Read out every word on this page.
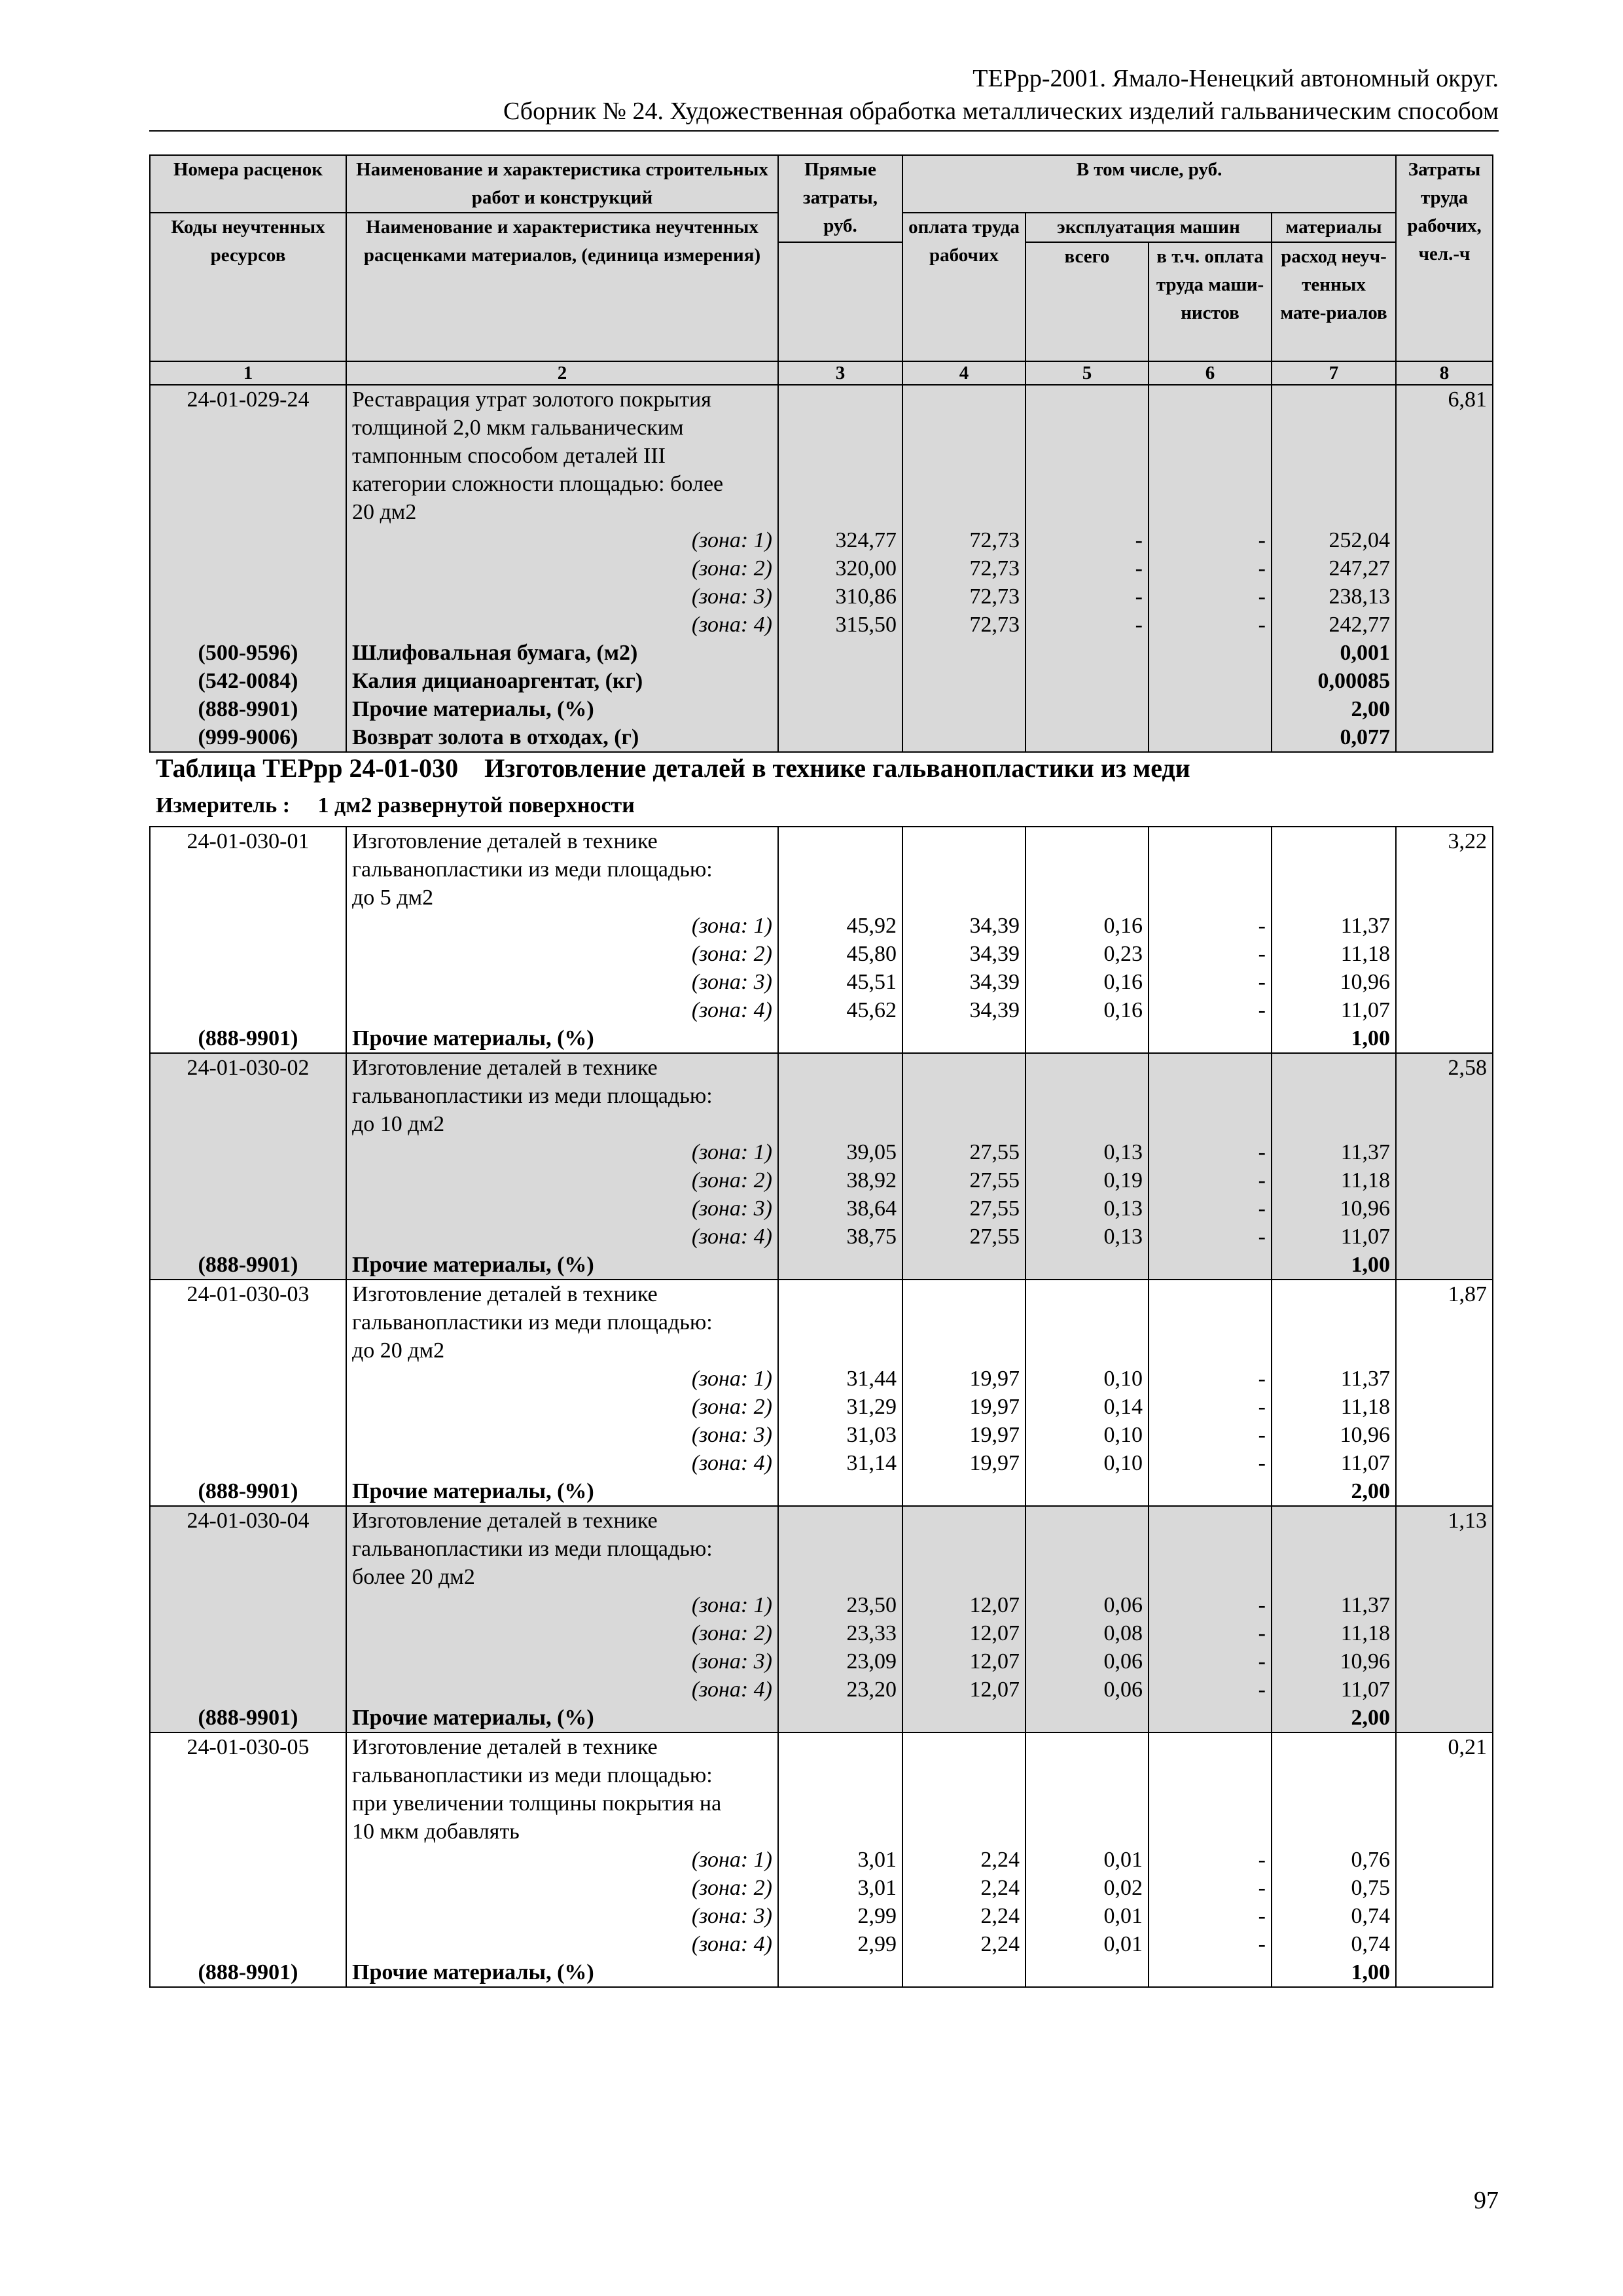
ТЕРрр-2001. Ямало-Ненецкий автономный округ.
Сборник № 24. Художественная обработка металлических изделий гальваническим способом
Номера расценок	Наименование и характеристика строительных работ и конструкций	Прямые затраты, руб.	В том числе, руб.				Затраты труда рабочих, чел.-ч
Коды неучтенных ресурсов	Наименование и характеристика неучтенных расценками материалов, (единица измерения)		оплата труда рабочих	эксплуатация машин		материалы	
				всего	в т.ч. оплата труда маши-нистов	расход неуч-тенных мате-риалов	
1	2	3	4	5	6	7	8
24-01-029-24	Реставрация утрат золотого покрытия
толщиной 2,0 мкм гальваническим
тампонным способом деталей III
категории сложности площадью: более
20 дм2						6,81
	(зона: 1)	324,77	72,73	-	-	252,04	
	(зона: 2)	320,00	72,73	-	-	247,27	
	(зона: 3)	310,86	72,73	-	-	238,13	
	(зона: 4)	315,50	72,73	-	-	242,77	
(500-9596)	Шлифовальная бумага, (м2)					0,001	
(542-0084)	Калия дицианоаргентат, (кг)					0,00085	
(888-9901)	Прочие материалы, (%)					2,00	
(999-9006)	Возврат золота в отходах, (г)					0,077	
Таблица ТЕРрр 24-01-030    Изготовление деталей в технике гальванопластики из меди
Измеритель :     1 дм2 развернутой поверхности
24-01-030-01	Изготовление деталей в технике
гальванопластики из меди площадью:
до 5 дм2						3,22
	(зона: 1)	45,92	34,39	0,16	-	11,37	
	(зона: 2)	45,80	34,39	0,23	-	11,18	
	(зона: 3)	45,51	34,39	0,16	-	10,96	
	(зона: 4)	45,62	34,39	0,16	-	11,07	
(888-9901)	Прочие материалы, (%)					1,00	
24-01-030-02	Изготовление деталей в технике
гальванопластики из меди площадью:
до 10 дм2						2,58
	(зона: 1)	39,05	27,55	0,13	-	11,37	
	(зона: 2)	38,92	27,55	0,19	-	11,18	
	(зона: 3)	38,64	27,55	0,13	-	10,96	
	(зона: 4)	38,75	27,55	0,13	-	11,07	
(888-9901)	Прочие материалы, (%)					1,00	
24-01-030-03	Изготовление деталей в технике
гальванопластики из меди площадью:
до 20 дм2						1,87
	(зона: 1)	31,44	19,97	0,10	-	11,37	
	(зона: 2)	31,29	19,97	0,14	-	11,18	
	(зона: 3)	31,03	19,97	0,10	-	10,96	
	(зона: 4)	31,14	19,97	0,10	-	11,07	
(888-9901)	Прочие материалы, (%)					2,00	
24-01-030-04	Изготовление деталей в технике
гальванопластики из меди площадью:
более 20 дм2						1,13
	(зона: 1)	23,50	12,07	0,06	-	11,37	
	(зона: 2)	23,33	12,07	0,08	-	11,18	
	(зона: 3)	23,09	12,07	0,06	-	10,96	
	(зона: 4)	23,20	12,07	0,06	-	11,07	
(888-9901)	Прочие материалы, (%)					2,00	
24-01-030-05	Изготовление деталей в технике
гальванопластики из меди площадью:
при увеличении толщины покрытия на
10 мкм добавлять						0,21
	(зона: 1)	3,01	2,24	0,01	-	0,76	
	(зона: 2)	3,01	2,24	0,02	-	0,75	
	(зона: 3)	2,99	2,24	0,01	-	0,74	
	(зона: 4)	2,99	2,24	0,01	-	0,74	
(888-9901)	Прочие материалы, (%)					1,00	
97
